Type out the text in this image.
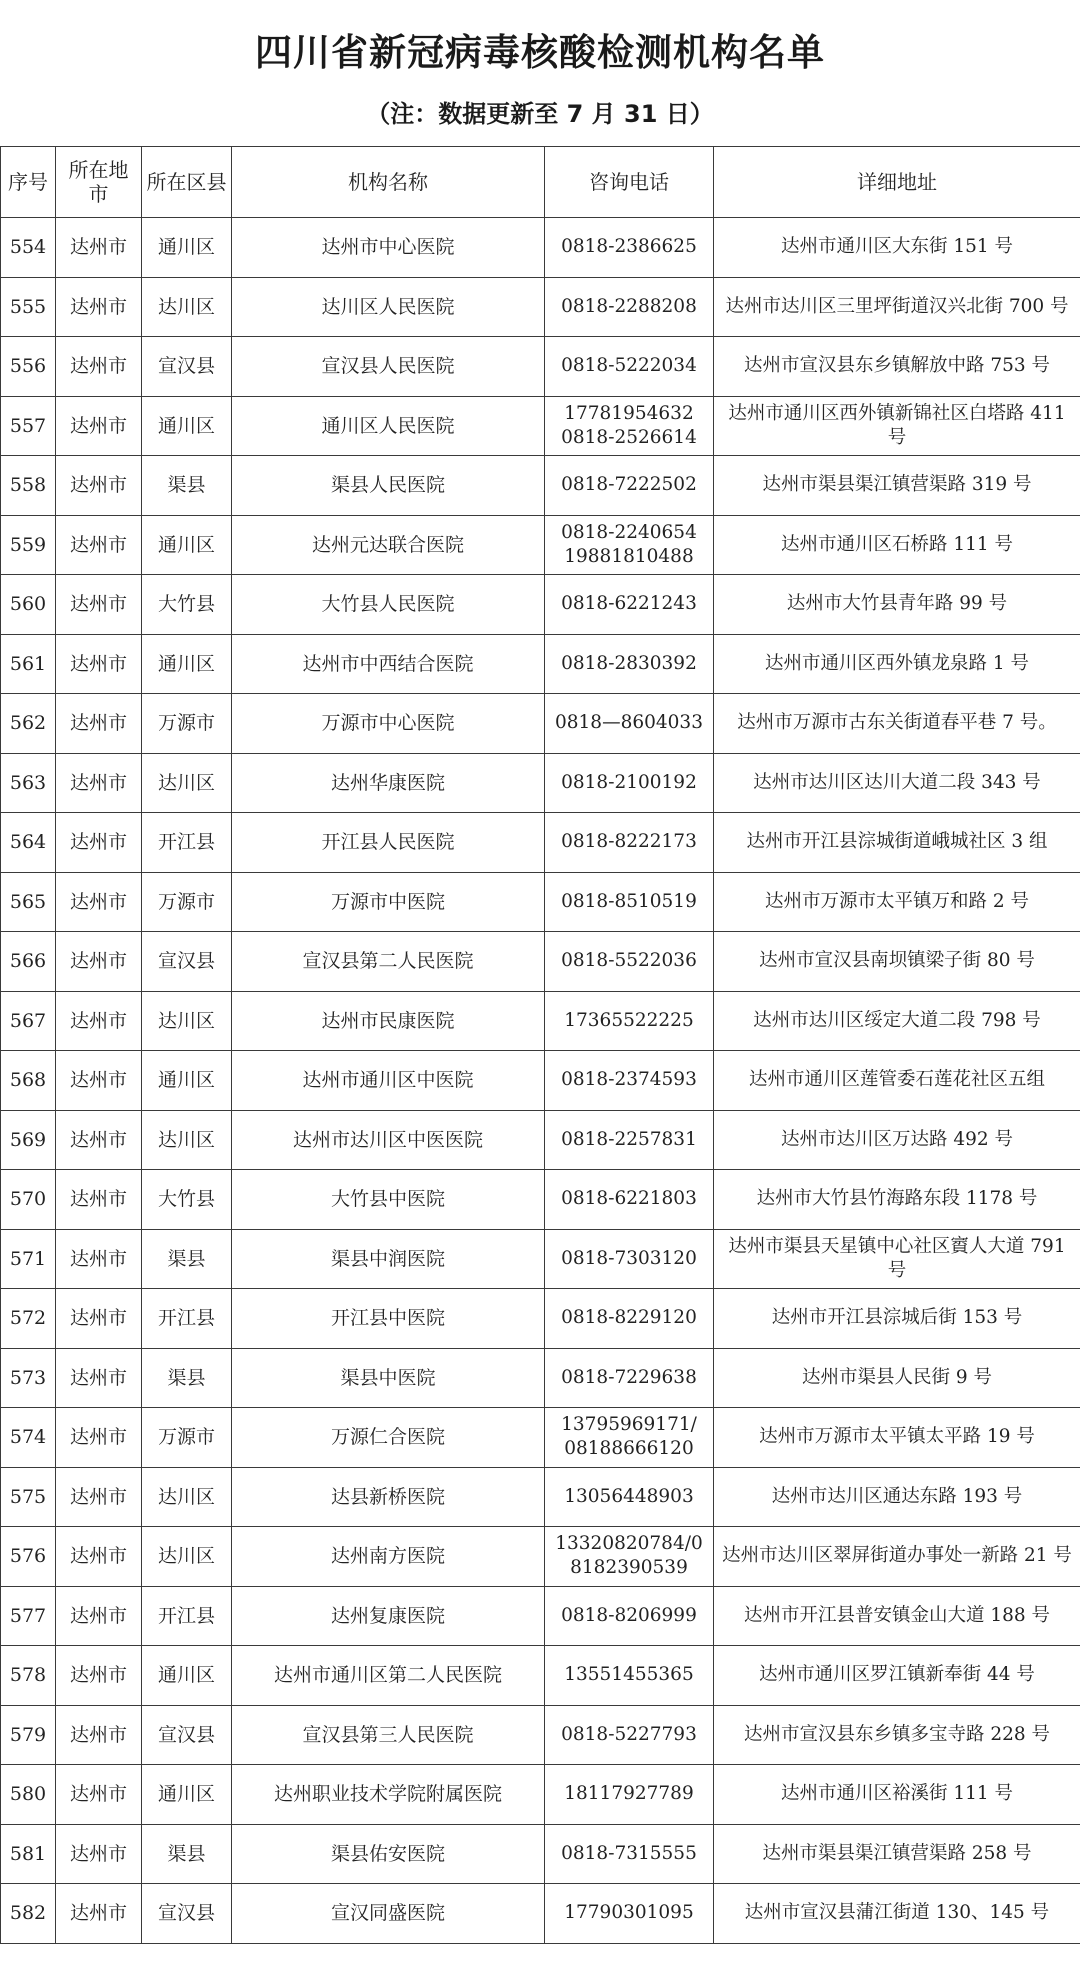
四川省新冠病毒核酸检测机构名单
（注：数据更新至 7 月 31 日）
序号	所在地市	所在区县	机构名称	咨询电话	详细地址
554	达州市	通川区	达州市中心医院	0818-2386625	达州市通川区大东街 151 号
555	达州市	达川区	达川区人民医院	0818-2288208	达州市达川区三里坪街道汉兴北街 700 号
556	达州市	宣汉县	宣汉县人民医院	0818-5222034	达州市宣汉县东乡镇解放中路 753 号
557	达州市	通川区	通川区人民医院	17781954632
0818-2526614	达州市通川区西外镇新锦社区白塔路 411 号
558	达州市	渠县	渠县人民医院	0818-7222502	达州市渠县渠江镇营渠路 319 号
559	达州市	通川区	达州元达联合医院	0818-2240654
19881810488	达州市通川区石桥路 111 号
560	达州市	大竹县	大竹县人民医院	0818-6221243	达州市大竹县青年路 99 号
561	达州市	通川区	达州市中西结合医院	0818-2830392	达州市通川区西外镇龙泉路 1 号
562	达州市	万源市	万源市中心医院	0818—8604033	达州市万源市古东关街道春平巷 7 号。
563	达州市	达川区	达州华康医院	0818-2100192	达州市达川区达川大道二段 343 号
564	达州市	开江县	开江县人民医院	0818-8222173	达州市开江县淙城街道峨城社区 3 组
565	达州市	万源市	万源市中医院	0818-8510519	达州市万源市太平镇万和路 2 号
566	达州市	宣汉县	宣汉县第二人民医院	0818-5522036	达州市宣汉县南坝镇梁子街 80 号
567	达州市	达川区	达州市民康医院	17365522225	达州市达川区绥定大道二段 798 号
568	达州市	通川区	达州市通川区中医院	0818-2374593	达州市通川区莲管委石莲花社区五组
569	达州市	达川区	达州市达川区中医医院	0818-2257831	达州市达川区万达路 492 号
570	达州市	大竹县	大竹县中医院	0818-6221803	达州市大竹县竹海路东段 1178 号
571	达州市	渠县	渠县中润医院	0818-7303120	达州市渠县天星镇中心社区賨人大道 791 号
572	达州市	开江县	开江县中医院	0818-8229120	达州市开江县淙城后街 153 号
573	达州市	渠县	渠县中医院	0818-7229638	达州市渠县人民街 9 号
574	达州市	万源市	万源仁合医院	13795969171/
08188666120	达州市万源市太平镇太平路 19 号
575	达州市	达川区	达县新桥医院	13056448903	达州市达川区通达东路 193 号
576	达州市	达川区	达州南方医院	13320820784/0
8182390539	达州市达川区翠屏街道办事处一新路 21 号
577	达州市	开江县	达州复康医院	0818-8206999	达州市开江县普安镇金山大道 188 号
578	达州市	通川区	达州市通川区第二人民医院	13551455365	达州市通川区罗江镇新奉街 44 号
579	达州市	宣汉县	宣汉县第三人民医院	0818-5227793	达州市宣汉县东乡镇多宝寺路 228 号
580	达州市	通川区	达州职业技术学院附属医院	18117927789	达州市通川区裕溪街 111 号
581	达州市	渠县	渠县佑安医院	0818-7315555	达州市渠县渠江镇营渠路 258 号
582	达州市	宣汉县	宣汉同盛医院	17790301095	达州市宣汉县蒲江街道 130、145 号
